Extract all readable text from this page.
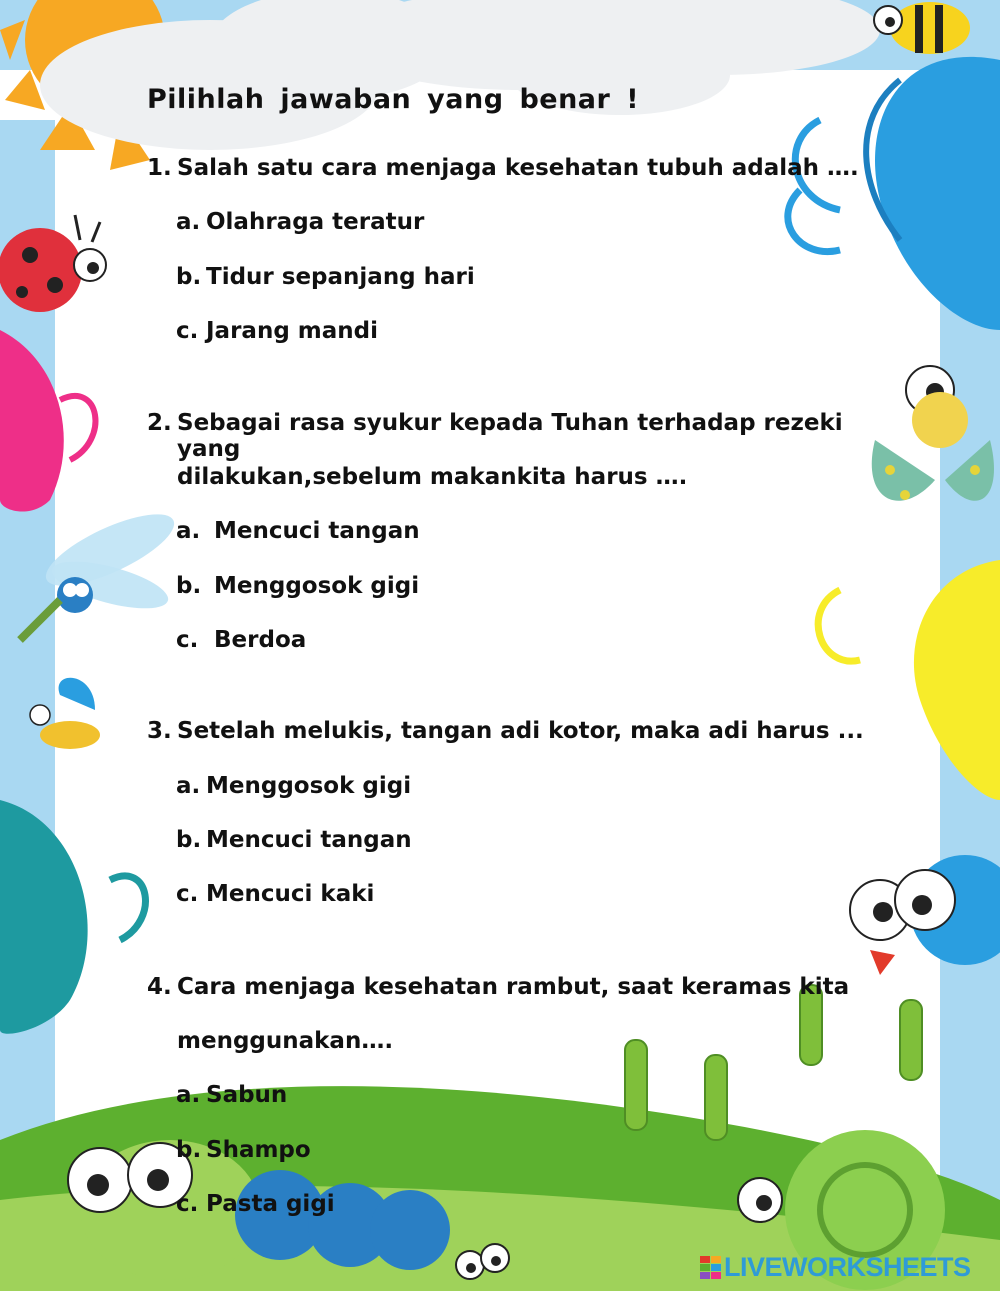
Pilihlah jawaban yang benar !
1. Salah satu cara menjaga kesehatan tubuh adalah ….
a. Olahraga teratur
b. Tidur sepanjang hari
c. Jarang mandi
2. Sebagai rasa syukur kepada Tuhan terhadap rezeki yang
dilakukan,sebelum makankita harus ….
a. Mencuci tangan
b. Menggosok gigi
c. Berdoa
3. Setelah melukis, tangan adi kotor, maka adi harus ...
a. Menggosok gigi
b. Mencuci tangan
c. Mencuci kaki
4. Cara menjaga kesehatan rambut, saat keramas kita
menggunakan….
a. Sabun
b. Shampo
c. Pasta gigi
LIVEWORKSHEETS
